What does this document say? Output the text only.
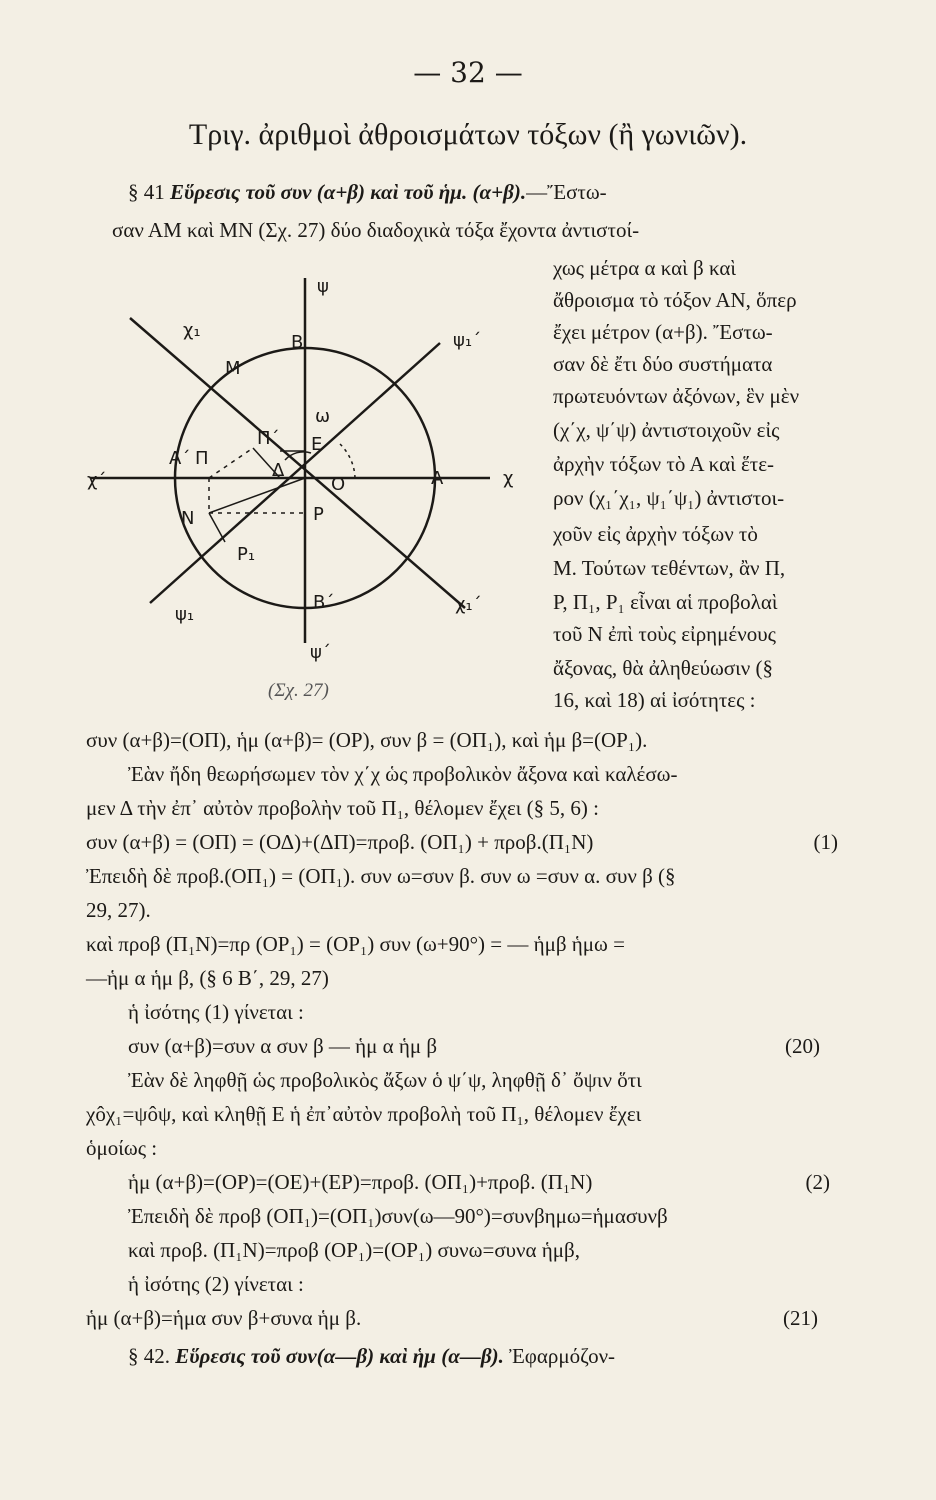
— 32 —
Τριγ. ἀριθμοὶ ἀθροισμάτων τόξων (ἢ γωνιῶν).
§ 41 Εὕρεσις τοῦ συν (α+β) καὶ τοῦ ἡμ. (α+β).—Ἔστω-
σαν ΑΜ καὶ ΜΝ (Σχ. 27) δύο διαδοχικὰ τόξα ἔχοντα ἀντιστοί-
χως μέτρα α καὶ β καὶ
ἄθροισμα τὸ τόξον ΑΝ, ὅπερ
ἔχει μέτρον (α+β). Ἔστω-
σαν δὲ ἔτι δύο συστήματα
πρωτευόντων ἀξόνων, ἓν μὲν
(χ΄χ, ψ΄ψ) ἀντιστοιχοῦν εἰς
ἀρχὴν τόξων τὸ Α καὶ ἕτε-
ρον (χ₁΄χ₁, ψ₁΄ψ₁) ἀντιστοι-
χοῦν εἰς ἀρχὴν τόξων τὸ
Μ. Τούτων τεθέντων, ἂν Π,
Ρ, Π₁, Ρ₁ εἶναι αἱ προβολαὶ
τοῦ Ν ἐπὶ τοὺς εἰρημένους
ἄξονας, θὰ ἀληθεύωσιν (§
16, καὶ 18) αἱ ἰσότητες :
ψ
ψ΄
ψ₁΄
ψ₁
χ
χ΄
χ₁
χ₁΄
Β
Β΄
Μ
Α
Α΄
Ν
Ο
Ρ
Ρ₁
Π
Π΄ Ε
Δ
ω
(Σχ. 27)
συν (α+β)=(ΟΠ), ἡμ (α+β)= (ΟΡ), συν β = (ΟΠ₁), καὶ ἡμ β=(ΟΡ₁).
Ἐὰν ἤδη θεωρήσωμεν τὸν χ΄χ ὡς προβολικὸν ἄξονα καὶ καλέσω-
μεν Δ τὴν ἐπ᾽ αὐτὸν προβολὴν τοῦ Π₁, θέλομεν ἔχει (§ 5, 6) :
συν (α+β) = (ΟΠ) = (ΟΔ)+(ΔΠ)=προβ. (ΟΠ₁) + προβ.(Π₁Ν)	(1)
Ἐπειδὴ δὲ προβ.(ΟΠ₁) = (ΟΠ₁). συν ω=συν β. συν ω =συν α. συν β (§
29, 27).
καὶ προβ (Π₁Ν)=πρ (ΟΡ₁) = (ΟΡ₁) συν (ω+90°) = — ἡμβ ἡμω =
—ἡμ α ἡμ β, (§ 6 Β΄, 29, 27)
ἡ ἰσότης (1) γίνεται :
συν (α+β)=συν α συν β — ἡμ α ἡμ β	(20)
Ἐὰν δὲ ληφθῇ ὡς προβολικὸς ἄξων ὁ ψ΄ψ, ληφθῇ δ᾽ ὄψιν ὅτι
χôχ₁=ψôψ, καὶ κληθῇ Ε ἡ ἐπ᾽αὐτὸν προβολὴ τοῦ Π₁, θέλομεν ἔχει
ὁμοίως :
ἡμ (α+β)=(ΟΡ)=(ΟΕ)+(ΕΡ)=προβ. (ΟΠ₁)+προβ. (Π₁Ν)	(2)
Ἐπειδὴ δὲ προβ (ΟΠ₁)=(ΟΠ₁)συν(ω—90°)=συνβημω=ἡμασυνβ
καὶ προβ. (Π₁Ν)=προβ (ΟΡ₁)=(ΟΡ₁) συνω=συνα ἡμβ,
ἡ ἰσότης (2) γίνεται :
ἡμ (α+β)=ἡμα συν β+συνα ἡμ β.	(21)
§ 42. Εὕρεσις τοῦ συν(α—β) καὶ ἡμ (α—β). Ἐφαρμόζον-
